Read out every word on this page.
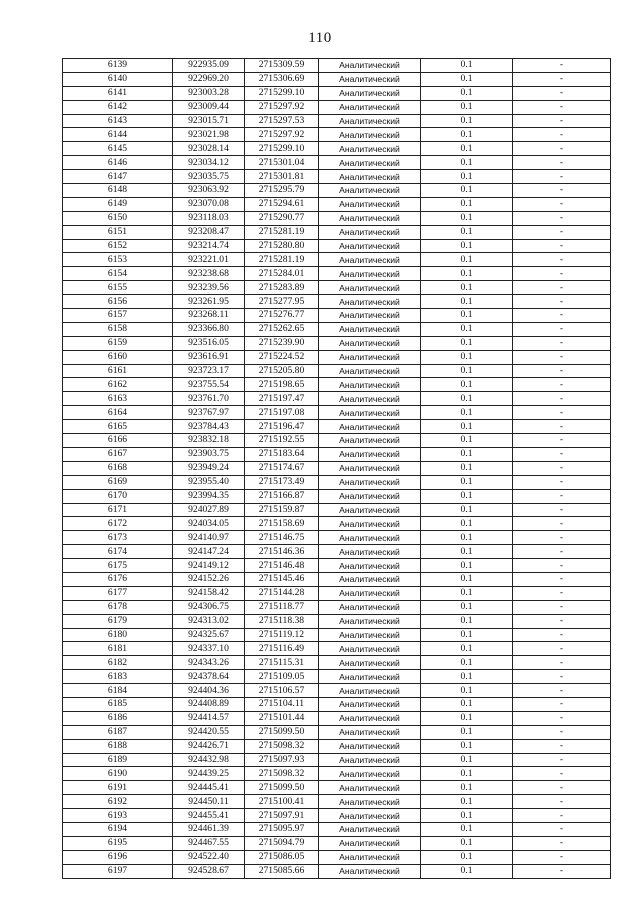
110
6139	922935.09	2715309.59	Аналитический	0.1	-
6140	922969.20	2715306.69	Аналитический	0.1	-
6141	923003.28	2715299.10	Аналитический	0.1	-
6142	923009.44	2715297.92	Аналитический	0.1	-
6143	923015.71	2715297.53	Аналитический	0.1	-
6144	923021.98	2715297.92	Аналитический	0.1	-
6145	923028.14	2715299.10	Аналитический	0.1	-
6146	923034.12	2715301.04	Аналитический	0.1	-
6147	923035.75	2715301.81	Аналитический	0.1	-
6148	923063.92	2715295.79	Аналитический	0.1	-
6149	923070.08	2715294.61	Аналитический	0.1	-
6150	923118.03	2715290.77	Аналитический	0.1	-
6151	923208.47	2715281.19	Аналитический	0.1	-
6152	923214.74	2715280.80	Аналитический	0.1	-
6153	923221.01	2715281.19	Аналитический	0.1	-
6154	923238.68	2715284.01	Аналитический	0.1	-
6155	923239.56	2715283.89	Аналитический	0.1	-
6156	923261.95	2715277.95	Аналитический	0.1	-
6157	923268.11	2715276.77	Аналитический	0.1	-
6158	923366.80	2715262.65	Аналитический	0.1	-
6159	923516.05	2715239.90	Аналитический	0.1	-
6160	923616.91	2715224.52	Аналитический	0.1	-
6161	923723.17	2715205.80	Аналитический	0.1	-
6162	923755.54	2715198.65	Аналитический	0.1	-
6163	923761.70	2715197.47	Аналитический	0.1	-
6164	923767.97	2715197.08	Аналитический	0.1	-
6165	923784.43	2715196.47	Аналитический	0.1	-
6166	923832.18	2715192.55	Аналитический	0.1	-
6167	923903.75	2715183.64	Аналитический	0.1	-
6168	923949.24	2715174.67	Аналитический	0.1	-
6169	923955.40	2715173.49	Аналитический	0.1	-
6170	923994.35	2715166.87	Аналитический	0.1	-
6171	924027.89	2715159.87	Аналитический	0.1	-
6172	924034.05	2715158.69	Аналитический	0.1	-
6173	924140.97	2715146.75	Аналитический	0.1	-
6174	924147.24	2715146.36	Аналитический	0.1	-
6175	924149.12	2715146.48	Аналитический	0.1	-
6176	924152.26	2715145.46	Аналитический	0.1	-
6177	924158.42	2715144.28	Аналитический	0.1	-
6178	924306.75	2715118.77	Аналитический	0.1	-
6179	924313.02	2715118.38	Аналитический	0.1	-
6180	924325.67	2715119.12	Аналитический	0.1	-
6181	924337.10	2715116.49	Аналитический	0.1	-
6182	924343.26	2715115.31	Аналитический	0.1	-
6183	924378.64	2715109.05	Аналитический	0.1	-
6184	924404.36	2715106.57	Аналитический	0.1	-
6185	924408.89	2715104.11	Аналитический	0.1	-
6186	924414.57	2715101.44	Аналитический	0.1	-
6187	924420.55	2715099.50	Аналитический	0.1	-
6188	924426.71	2715098.32	Аналитический	0.1	-
6189	924432.98	2715097.93	Аналитический	0.1	-
6190	924439.25	2715098.32	Аналитический	0.1	-
6191	924445.41	2715099.50	Аналитический	0.1	-
6192	924450.11	2715100.41	Аналитический	0.1	-
6193	924455.41	2715097.91	Аналитический	0.1	-
6194	924461.39	2715095.97	Аналитический	0.1	-
6195	924467.55	2715094.79	Аналитический	0.1	-
6196	924522.40	2715086.05	Аналитический	0.1	-
6197	924528.67	2715085.66	Аналитический	0.1	-
